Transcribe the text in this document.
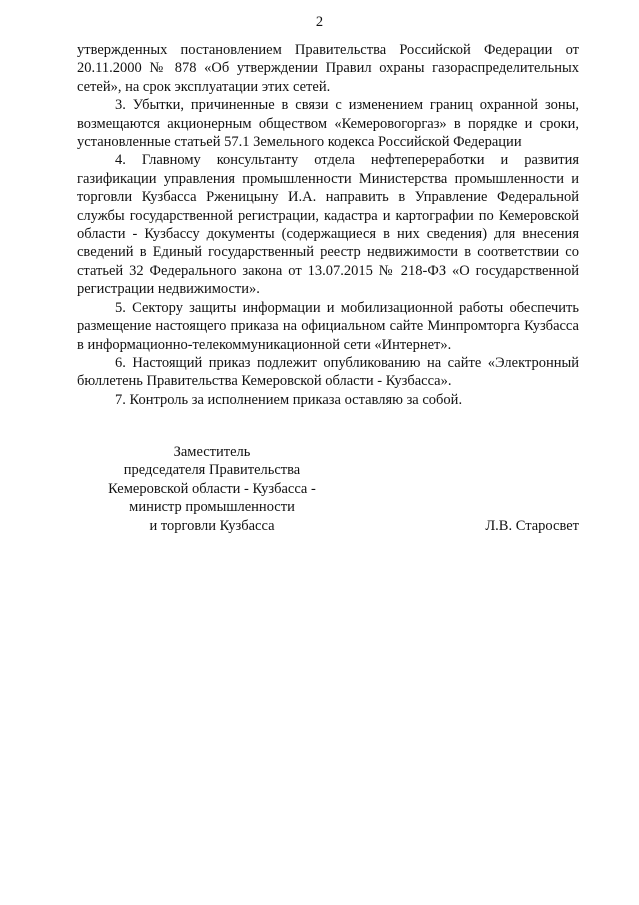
2

утвержденных постановлением Правительства Российской Федерации от 20.11.2000 № 878 «Об утверждении Правил охраны газораспределительных сетей», на срок эксплуатации этих сетей.

3. Убытки, причиненные в связи с изменением границ охранной зоны, возмещаются акционерным обществом «Кемеровогоргаз» в порядке и сроки, установленные статьей 57.1 Земельного кодекса Российской Федерации

4. Главному консультанту отдела нефтепереработки и развития газификации управления промышленности Министерства промышленности и торговли Кузбасса Рженицыну И.А. направить в Управление Федеральной службы государственной регистрации, кадастра и картографии по Кемеровской области - Кузбассу документы (содержащиеся в них сведения) для внесения сведений в Единый государственный реестр недвижимости в соответствии со статьей 32 Федерального закона от 13.07.2015 № 218-ФЗ «О государственной регистрации недвижимости».

5. Сектору защиты информации и мобилизационной работы обеспечить размещение настоящего приказа на официальном сайте Минпромторга Кузбасса в информационно-телекоммуникационной сети «Интернет».

6. Настоящий приказ подлежит опубликованию на сайте «Электронный бюллетень Правительства Кемеровской области - Кузбасса».

7. Контроль за исполнением приказа оставляю за собой.

Заместитель
председателя Правительства
Кемеровской области - Кузбасса -
министр промышленности
и торговли Кузбасса	Л.В. Старосвет
